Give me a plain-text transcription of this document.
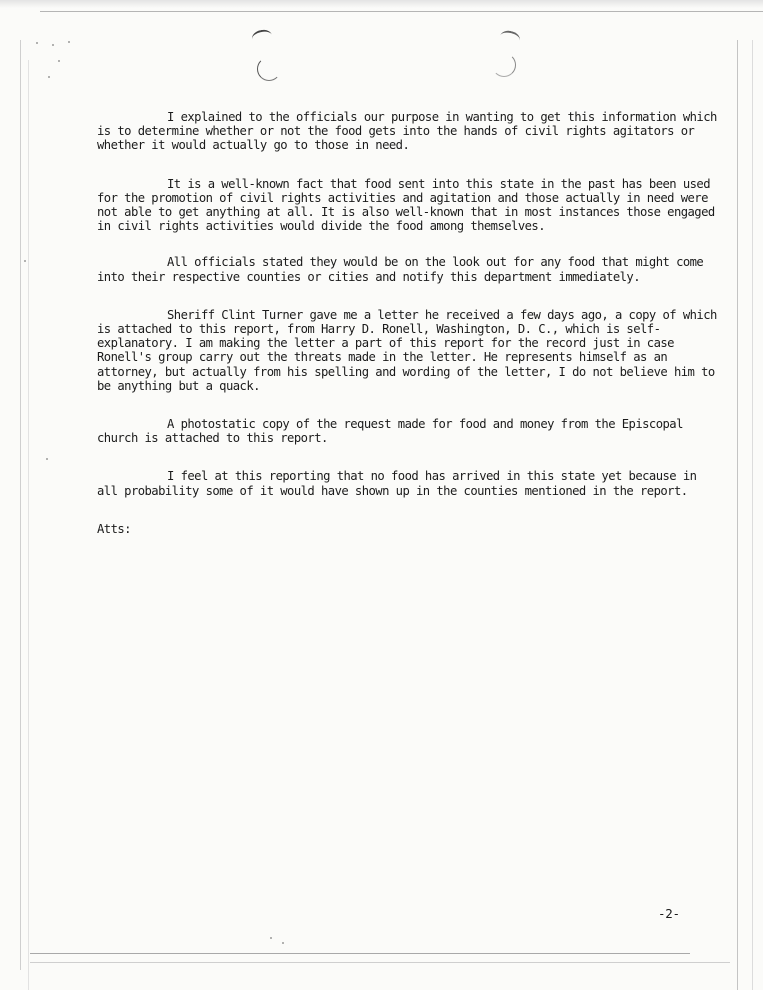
I explained to the officials our purpose in wanting to get this information which is to determine whether or not the food gets into the hands of civil rights agitators or whether it would actually go to those in need.

It is a well-known fact that food sent into this state in the past has been used for the promotion of civil rights activities and agitation and those actually in need were not able to get anything at all. It is also well-known that in most instances those engaged in civil rights activities would divide the food among themselves.

All officials stated they would be on the look out for any food that might come into their respective counties or cities and notify this department immediately.

Sheriff Clint Turner gave me a letter he received a few days ago, a copy of which is attached to this report, from Harry D. Ronell, Washington, D. C., which is self-explanatory. I am making the letter a part of this report for the record just in case Ronell's group carry out the threats made in the letter. He represents himself as an attorney, but actually from his spelling and wording of the letter, I do not believe him to be anything but a quack.

A photostatic copy of the request made for food and money from the Episcopal church is attached to this report.

I feel at this reporting that no food has arrived in this state yet because in all probability some of it would have shown up in the counties mentioned in the report.

Atts:
-2-
